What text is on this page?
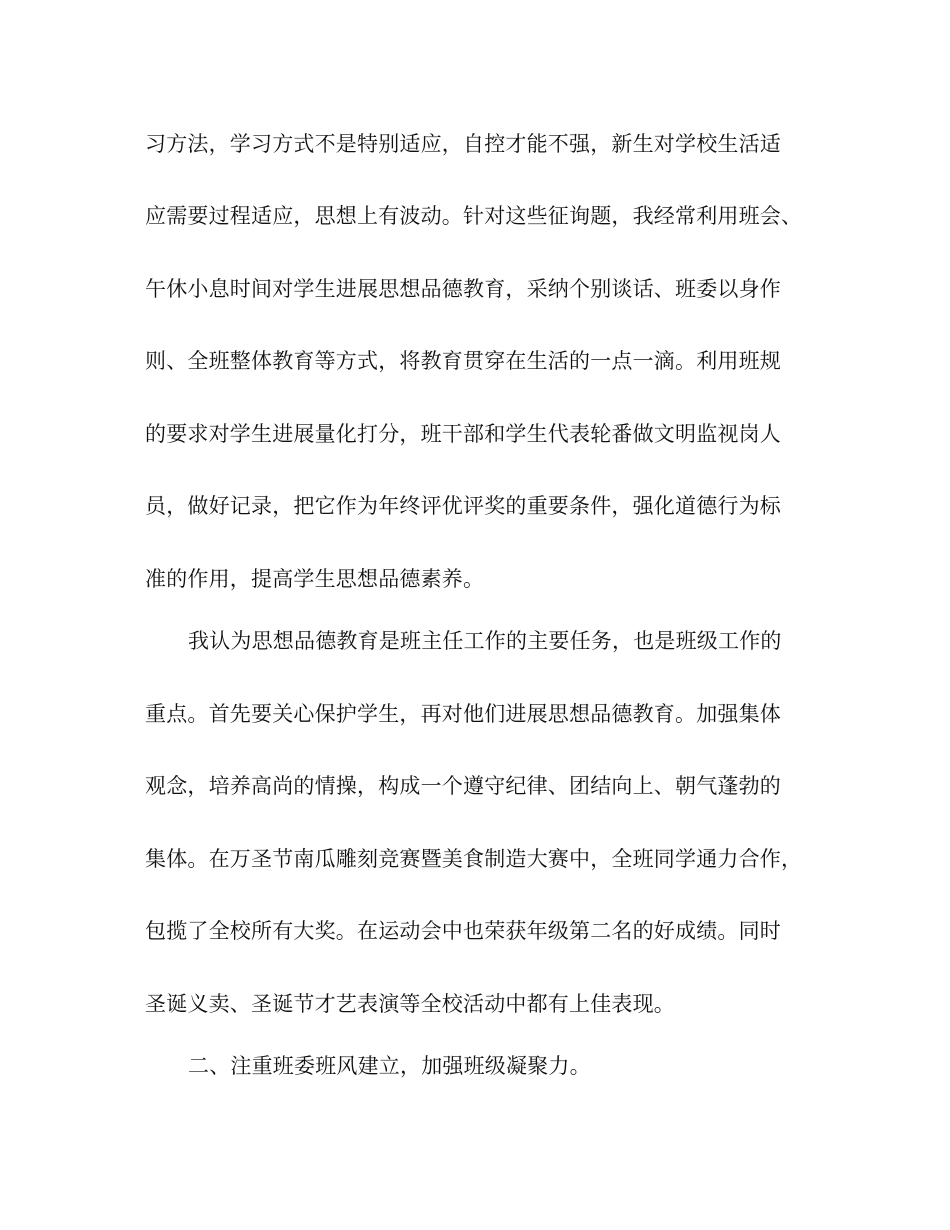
习方法，学习方式不是特别适应，自控才能不强，新生对学校生活适
应需要过程适应，思想上有波动。针对这些征询题，我经常利用班会、
午休小息时间对学生进展思想品德教育，采纳个别谈话、班委以身作
则、全班整体教育等方式，将教育贯穿在生活的一点一滴。利用班规
的要求对学生进展量化打分，班干部和学生代表轮番做文明监视岗人
员，做好记录，把它作为年终评优评奖的重要条件，强化道德行为标
准的作用，提高学生思想品德素养。
我认为思想品德教育是班主任工作的主要任务，也是班级工作的
重点。首先要关心保护学生，再对他们进展思想品德教育。加强集体
观念，培养高尚的情操，构成一个遵守纪律、团结向上、朝气蓬勃的
集体。在万圣节南瓜雕刻竞赛暨美食制造大赛中，全班同学通力合作，
包揽了全校所有大奖。在运动会中也荣获年级第二名的好成绩。同时
圣诞义卖、圣诞节才艺表演等全校活动中都有上佳表现。
二、注重班委班风建立，加强班级凝聚力。
